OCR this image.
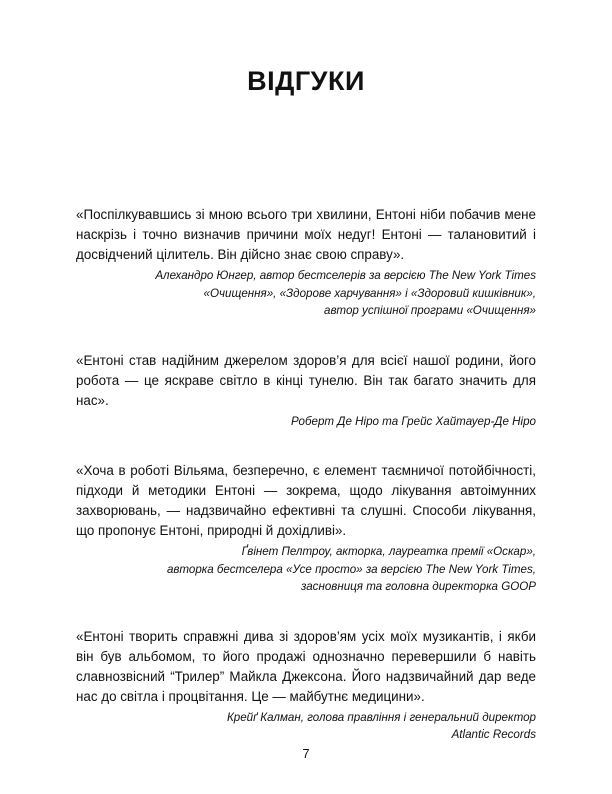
ВІДГУКИ

«Поспілкувавшись зі мною всього три хвилини, Ентоні ніби побачив мене наскрізь і точно визначив причини моїх недуг! Ентоні — талановитий і досвідчений цілитель. Він дійсно знає свою справу».

Алехандро Юнгер, автор бестселерів за версією The New York Times
«Очищення», «Здорове харчування» і «Здоровий кишківник»,
автор успішної програми «Очищення»

«Ентоні став надійним джерелом здоров’я для всієї нашої родини, його робота — це яскраве світло в кінці тунелю. Він так багато значить для нас».

Роберт Де Ніро та Грейс Хайтауер-Де Ніро

«Хоча в роботі Вільяма, безперечно, є елемент таємничої потойбічності, підходи й методики Ентоні — зокрема, щодо лікування автоімунних захворювань, — надзвичайно ефективні та слушні. Способи лікування, що пропонує Ентоні, природні й дохідливі».

Ґвінет Пелтроу, акторка, лауреатка премії «Оскар»,
авторка бестселера «Усе просто» за версією The New York Times,
засновниця та головна директорка GOOP

«Ентоні творить справжні дива зі здоров’ям усіх моїх музикантів, і якби він був альбомом, то його продажі однозначно перевершили б навіть славнозвісний “Трилер” Майкла Джексона. Його надзвичайний дар веде нас до світла і процвітання. Це — майбутнє медицини».

Крейґ Калман, голова правління і генеральний директор
Atlantic Records

7
